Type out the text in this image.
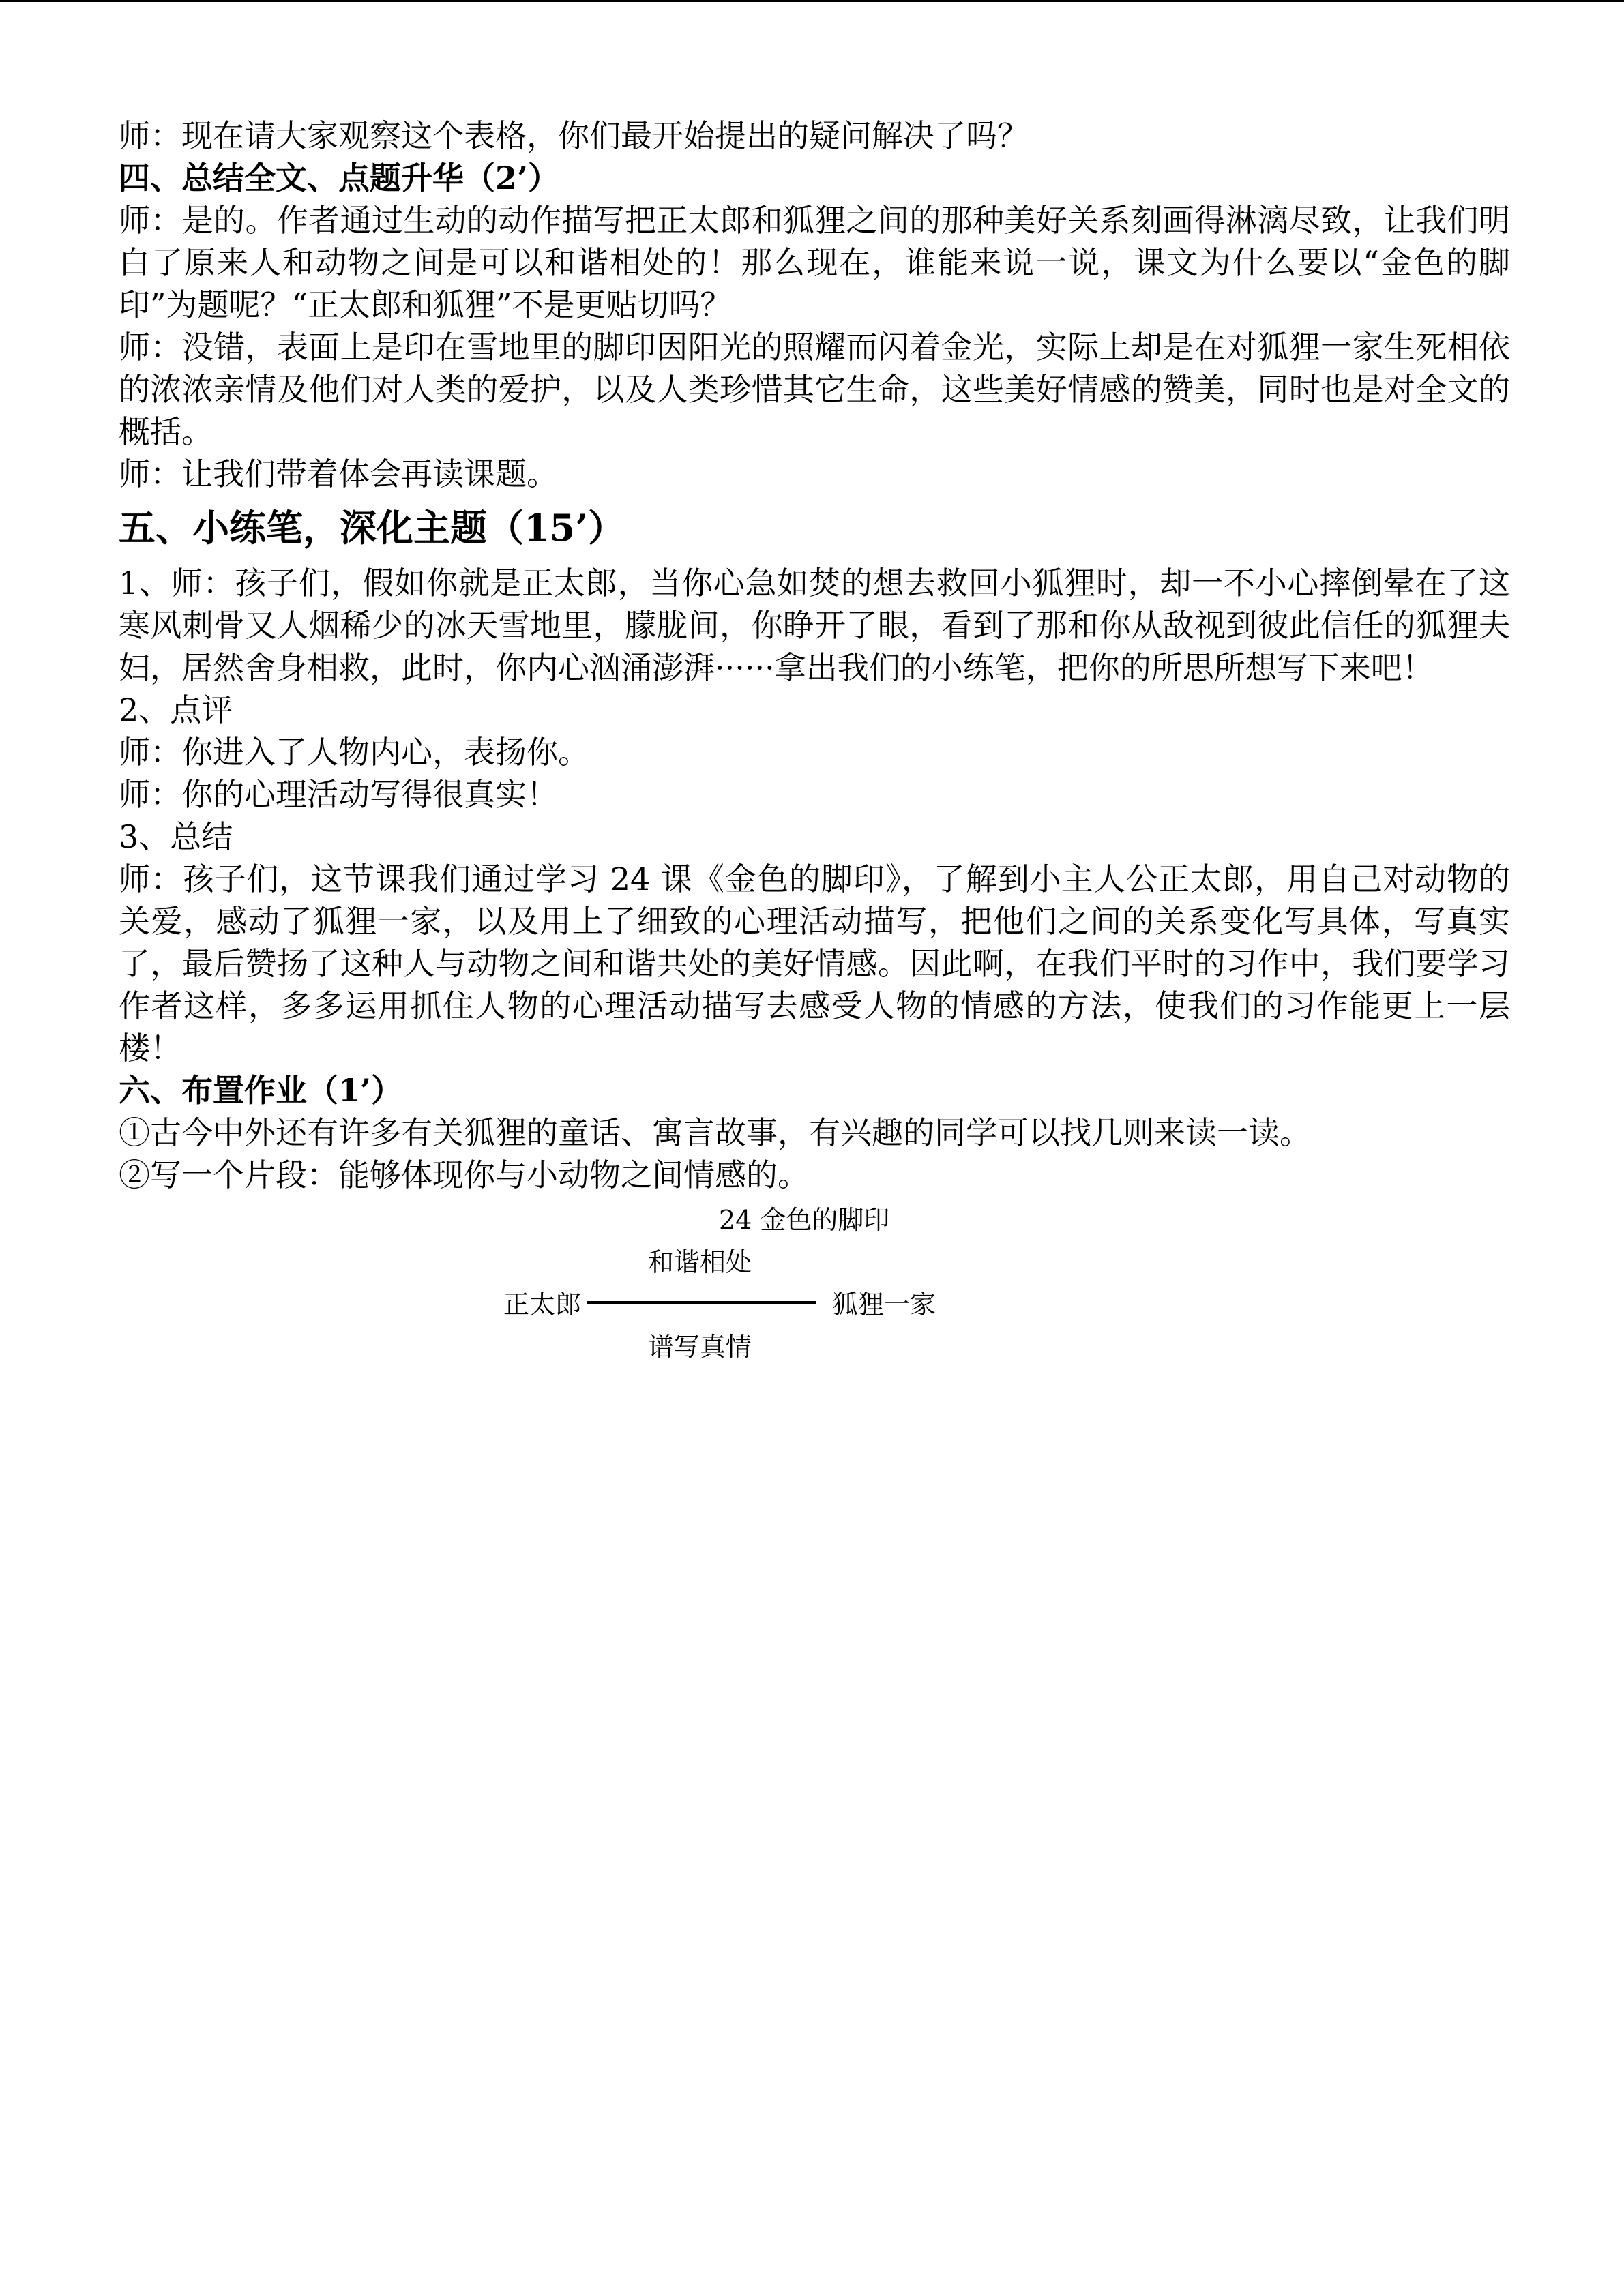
师：现在请大家观察这个表格，你们最开始提出的疑问解决了吗？
四、总结全文、点题升华（2’）
师：是的。作者通过生动的动作描写把正太郎和狐狸之间的那种美好关系刻画得淋漓尽致，让我们明白了原来人和动物之间是可以和谐相处的！那么现在，谁能来说一说，课文为什么要以“金色的脚印”为题呢？“正太郎和狐狸”不是更贴切吗？
师：没错，表面上是印在雪地里的脚印因阳光的照耀而闪着金光，实际上却是在对狐狸一家生死相依的浓浓亲情及他们对人类的爱护，以及人类珍惜其它生命，这些美好情感的赞美，同时也是对全文的概括。
师：让我们带着体会再读课题。
五、小练笔，深化主题（15’）
1、师：孩子们，假如你就是正太郎，当你心急如焚的想去救回小狐狸时，却一不小心摔倒晕在了这寒风刺骨又人烟稀少的冰天雪地里，朦胧间，你睁开了眼，看到了那和你从敌视到彼此信任的狐狸夫妇，居然舍身相救，此时，你内心汹涌澎湃······拿出我们的小练笔，把你的所思所想写下来吧！
2、点评
师：你进入了人物内心，表扬你。
师：你的心理活动写得很真实！
3、总结
师：孩子们，这节课我们通过学习 24 课《金色的脚印》，了解到小主人公正太郎，用自己对动物的关爱，感动了狐狸一家，以及用上了细致的心理活动描写，把他们之间的关系变化写具体，写真实了，最后赞扬了这种人与动物之间和谐共处的美好情感。因此啊，在我们平时的习作中，我们要学习作者这样，多多运用抓住人物的心理活动描写去感受人物的情感的方法，使我们的习作能更上一层楼！
六、布置作业（1’）
①古今中外还有许多有关狐狸的童话、寓言故事，有兴趣的同学可以找几则来读一读。
②写一个片段：能够体现你与小动物之间情感的。
24 金色的脚印
和谐相处
正太郎	狐狸一家
谱写真情
